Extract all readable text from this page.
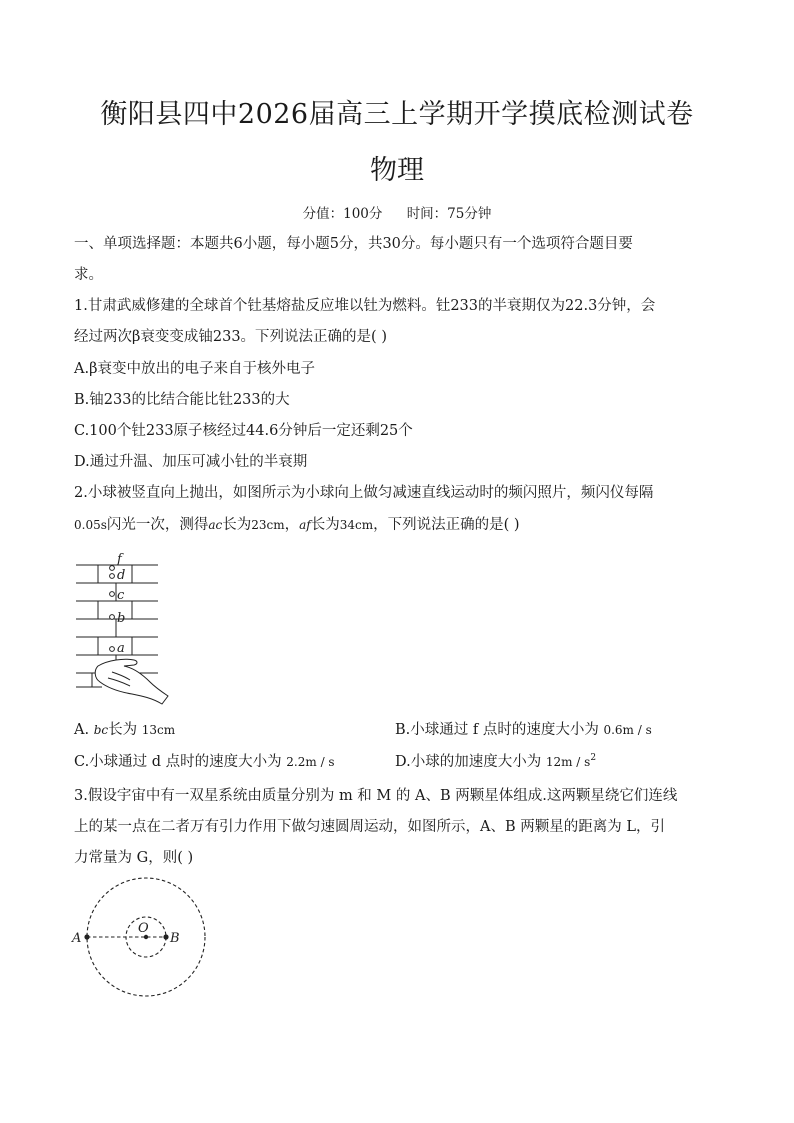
衡阳县四中2026届高三上学期开学摸底检测试卷
物理
分值：100分 时间：75分钟
一、单项选择题：本题共6小题，每小题5分，共30分。每小题只有一个选项符合题目要
求。
1.甘肃武威修建的全球首个钍基熔盐反应堆以钍为燃料。钍233的半衰期仅为22.3分钟，会
经过两次β衰变变成铀233。下列说法正确的是( )
A.β衰变中放出的电子来自于核外电子
B.铀233的比结合能比钍233的大
C.100个钍233原子核经过44.6分钟后一定还剩25个
D.通过升温、加压可减小钍的半衰期
2.小球被竖直向上抛出，如图所示为小球向上做匀减速直线运动时的频闪照片，频闪仪每隔
0.05s闪光一次，测得ac长为23cm，af长为34cm，下列说法正确的是( )
f
d
c
b
a
A. bc长为 13cm	B.小球通过 f 点时的速度大小为 0.6m / s
C.小球通过 d 点时的速度大小为 2.2m / s	D.小球的加速度大小为 $12m / s^2$
3.假设宇宙中有一双星系统由质量分别为 m 和 M 的 A、B 两颗星体组成.这两颗星绕它们连线
上的某一点在二者万有引力作用下做匀速圆周运动，如图所示，A、B 两颗星的距离为 L，引
力常量为 G，则( )
A
O
B
